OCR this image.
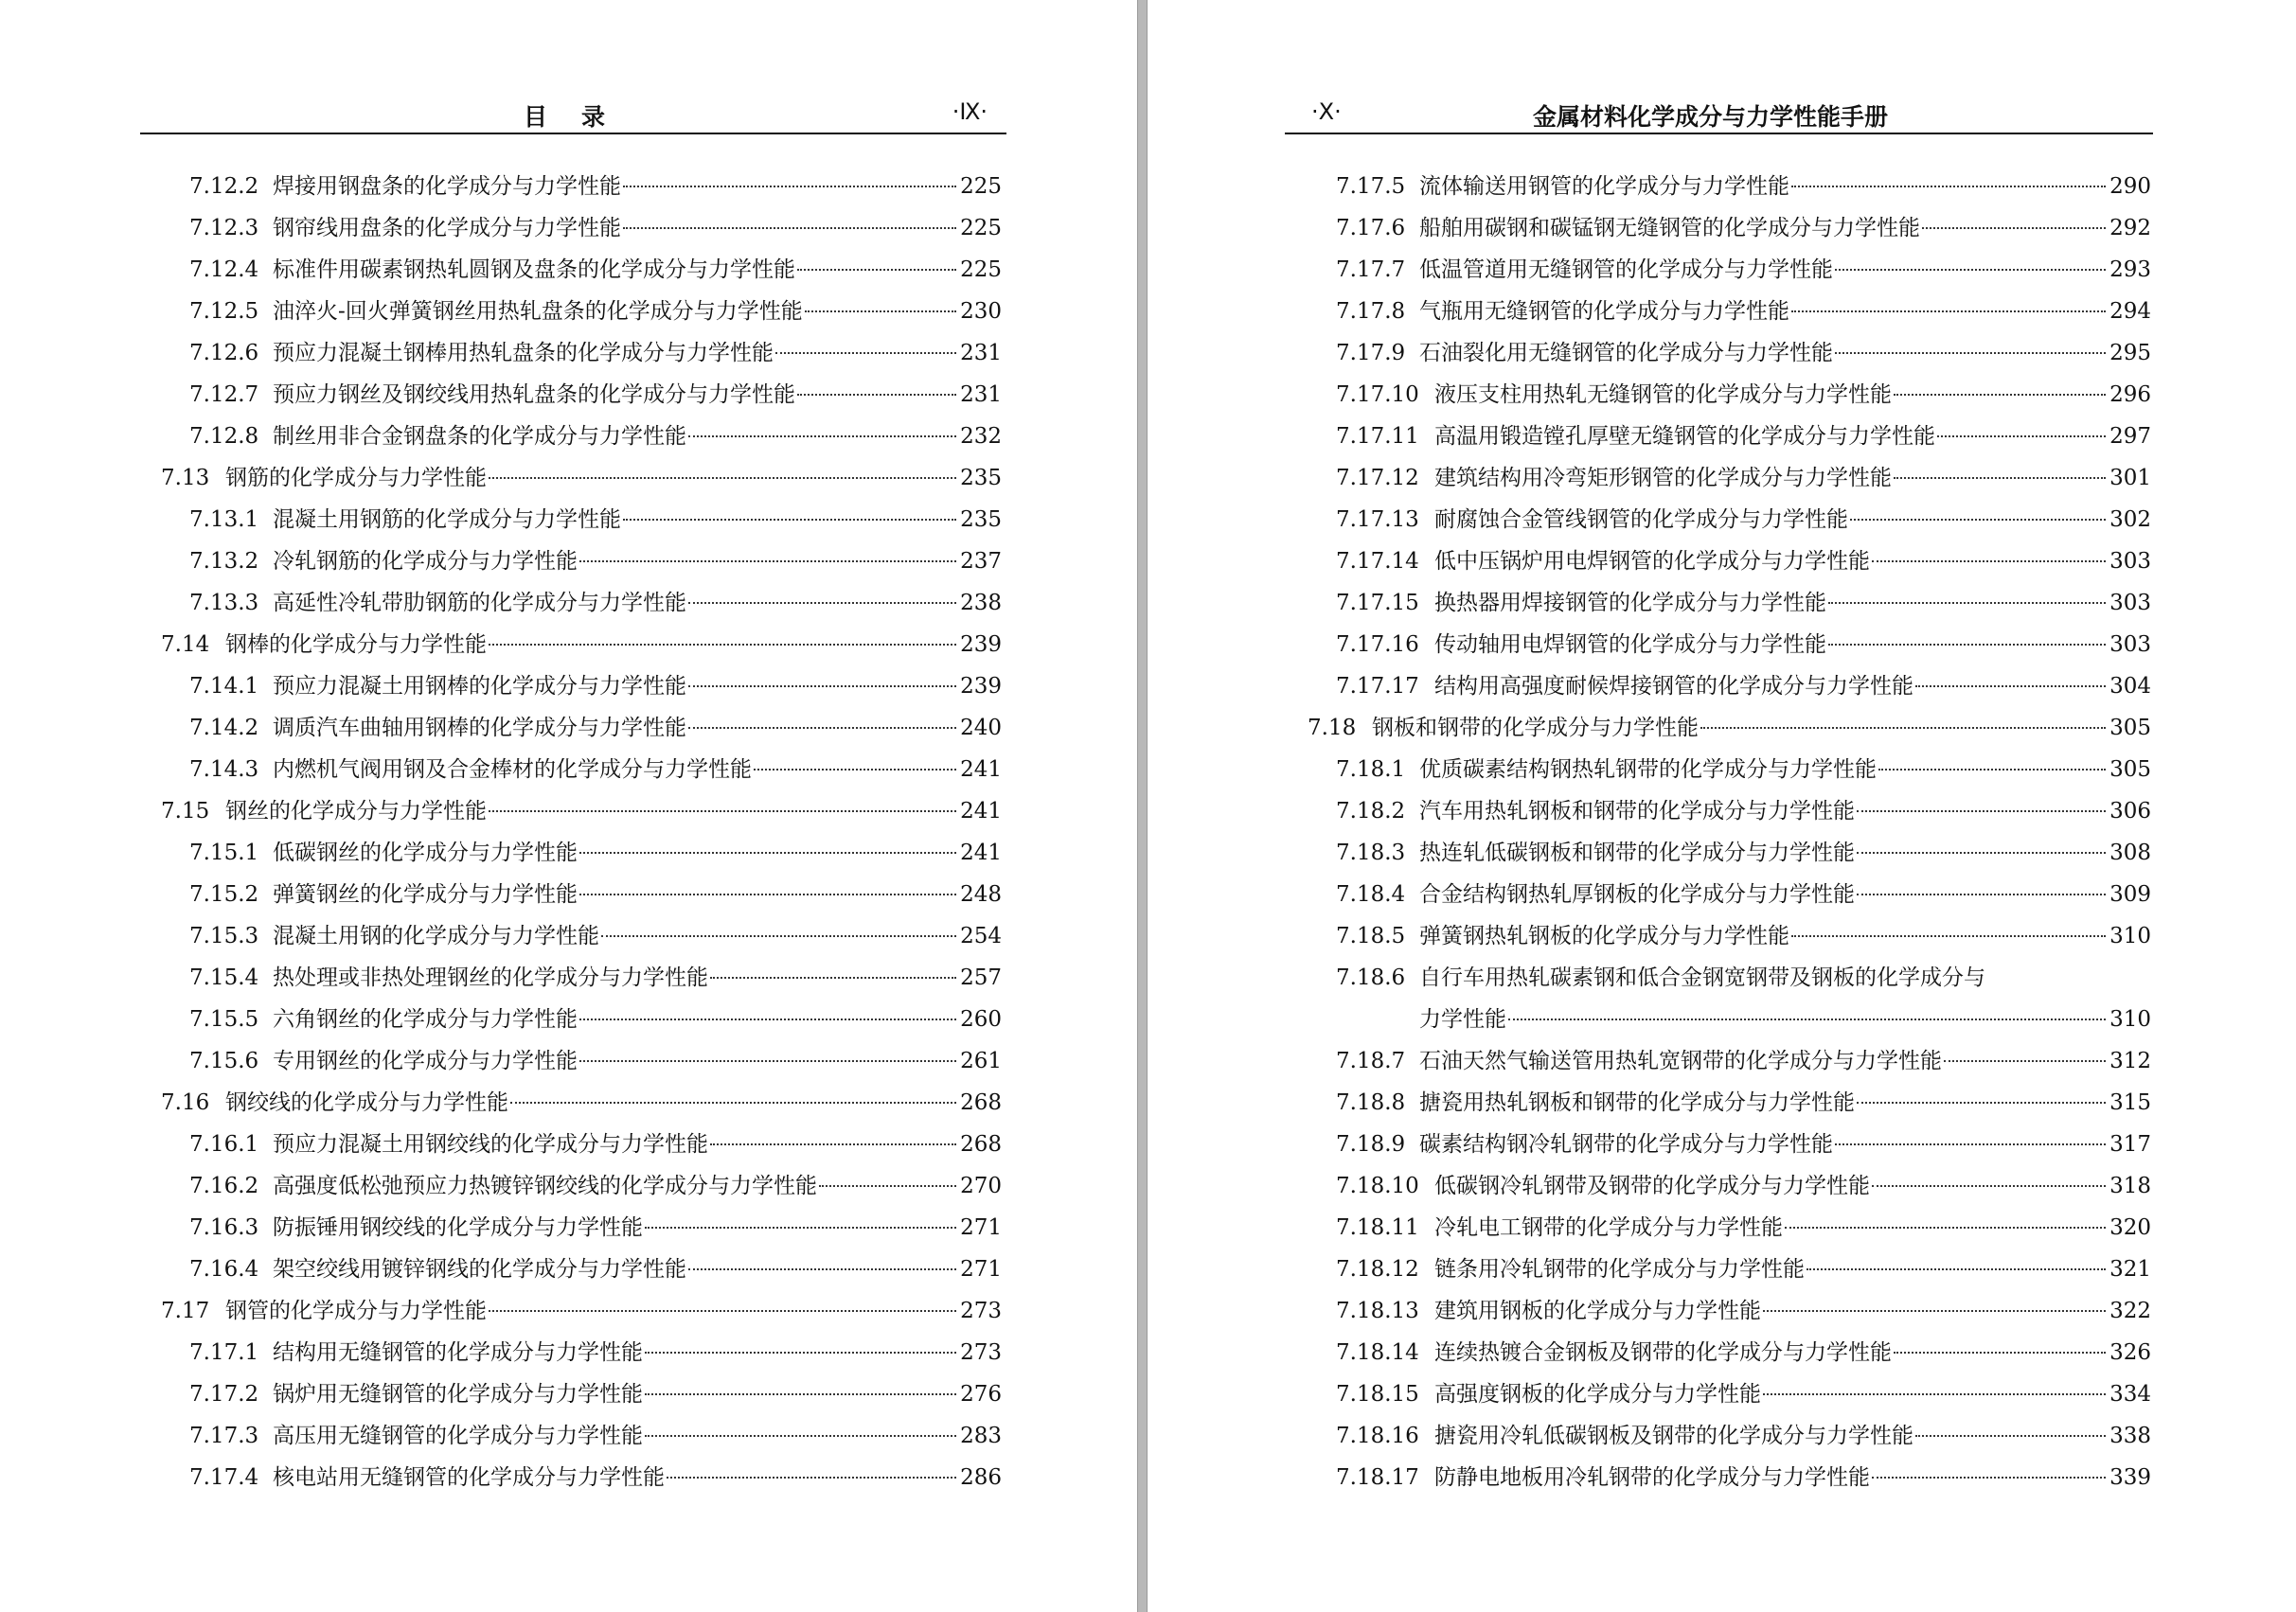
目录	·Ⅸ·
7.12.2 焊接用钢盘条的化学成分与力学性能	225
7.12.3 钢帘线用盘条的化学成分与力学性能	225
7.12.4 标准件用碳素钢热轧圆钢及盘条的化学成分与力学性能	225
7.12.5 油淬火-回火弹簧钢丝用热轧盘条的化学成分与力学性能	230
7.12.6 预应力混凝土钢棒用热轧盘条的化学成分与力学性能	231
7.12.7 预应力钢丝及钢绞线用热轧盘条的化学成分与力学性能	231
7.12.8 制丝用非合金钢盘条的化学成分与力学性能	232
7.13 钢筋的化学成分与力学性能	235
7.13.1 混凝土用钢筋的化学成分与力学性能	235
7.13.2 冷轧钢筋的化学成分与力学性能	237
7.13.3 高延性冷轧带肋钢筋的化学成分与力学性能	238
7.14 钢棒的化学成分与力学性能	239
7.14.1 预应力混凝土用钢棒的化学成分与力学性能	239
7.14.2 调质汽车曲轴用钢棒的化学成分与力学性能	240
7.14.3 内燃机气阀用钢及合金棒材的化学成分与力学性能	241
7.15 钢丝的化学成分与力学性能	241
7.15.1 低碳钢丝的化学成分与力学性能	241
7.15.2 弹簧钢丝的化学成分与力学性能	248
7.15.3 混凝土用钢的化学成分与力学性能	254
7.15.4 热处理或非热处理钢丝的化学成分与力学性能	257
7.15.5 六角钢丝的化学成分与力学性能	260
7.15.6 专用钢丝的化学成分与力学性能	261
7.16 钢绞线的化学成分与力学性能	268
7.16.1 预应力混凝土用钢绞线的化学成分与力学性能	268
7.16.2 高强度低松弛预应力热镀锌钢绞线的化学成分与力学性能	270
7.16.3 防振锤用钢绞线的化学成分与力学性能	271
7.16.4 架空绞线用镀锌钢线的化学成分与力学性能	271
7.17 钢管的化学成分与力学性能	273
7.17.1 结构用无缝钢管的化学成分与力学性能	273
7.17.2 锅炉用无缝钢管的化学成分与力学性能	276
7.17.3 高压用无缝钢管的化学成分与力学性能	283
7.17.4 核电站用无缝钢管的化学成分与力学性能	286
·Ⅹ·	金属材料化学成分与力学性能手册
7.17.5 流体输送用钢管的化学成分与力学性能	290
7.17.6 船舶用碳钢和碳锰钢无缝钢管的化学成分与力学性能	292
7.17.7 低温管道用无缝钢管的化学成分与力学性能	293
7.17.8 气瓶用无缝钢管的化学成分与力学性能	294
7.17.9 石油裂化用无缝钢管的化学成分与力学性能	295
7.17.10 液压支柱用热轧无缝钢管的化学成分与力学性能	296
7.17.11 高温用锻造镗孔厚壁无缝钢管的化学成分与力学性能	297
7.17.12 建筑结构用冷弯矩形钢管的化学成分与力学性能	301
7.17.13 耐腐蚀合金管线钢管的化学成分与力学性能	302
7.17.14 低中压锅炉用电焊钢管的化学成分与力学性能	303
7.17.15 换热器用焊接钢管的化学成分与力学性能	303
7.17.16 传动轴用电焊钢管的化学成分与力学性能	303
7.17.17 结构用高强度耐候焊接钢管的化学成分与力学性能	304
7.18 钢板和钢带的化学成分与力学性能	305
7.18.1 优质碳素结构钢热轧钢带的化学成分与力学性能	305
7.18.2 汽车用热轧钢板和钢带的化学成分与力学性能	306
7.18.3 热连轧低碳钢板和钢带的化学成分与力学性能	308
7.18.4 合金结构钢热轧厚钢板的化学成分与力学性能	309
7.18.5 弹簧钢热轧钢板的化学成分与力学性能	310
7.18.6 自行车用热轧碳素钢和低合金钢宽钢带及钢板的化学成分与
力学性能	310
7.18.7 石油天然气输送管用热轧宽钢带的化学成分与力学性能	312
7.18.8 搪瓷用热轧钢板和钢带的化学成分与力学性能	315
7.18.9 碳素结构钢冷轧钢带的化学成分与力学性能	317
7.18.10 低碳钢冷轧钢带及钢带的化学成分与力学性能	318
7.18.11 冷轧电工钢带的化学成分与力学性能	320
7.18.12 链条用冷轧钢带的化学成分与力学性能	321
7.18.13 建筑用钢板的化学成分与力学性能	322
7.18.14 连续热镀合金钢板及钢带的化学成分与力学性能	326
7.18.15 高强度钢板的化学成分与力学性能	334
7.18.16 搪瓷用冷轧低碳钢板及钢带的化学成分与力学性能	338
7.18.17 防静电地板用冷轧钢带的化学成分与力学性能	339
